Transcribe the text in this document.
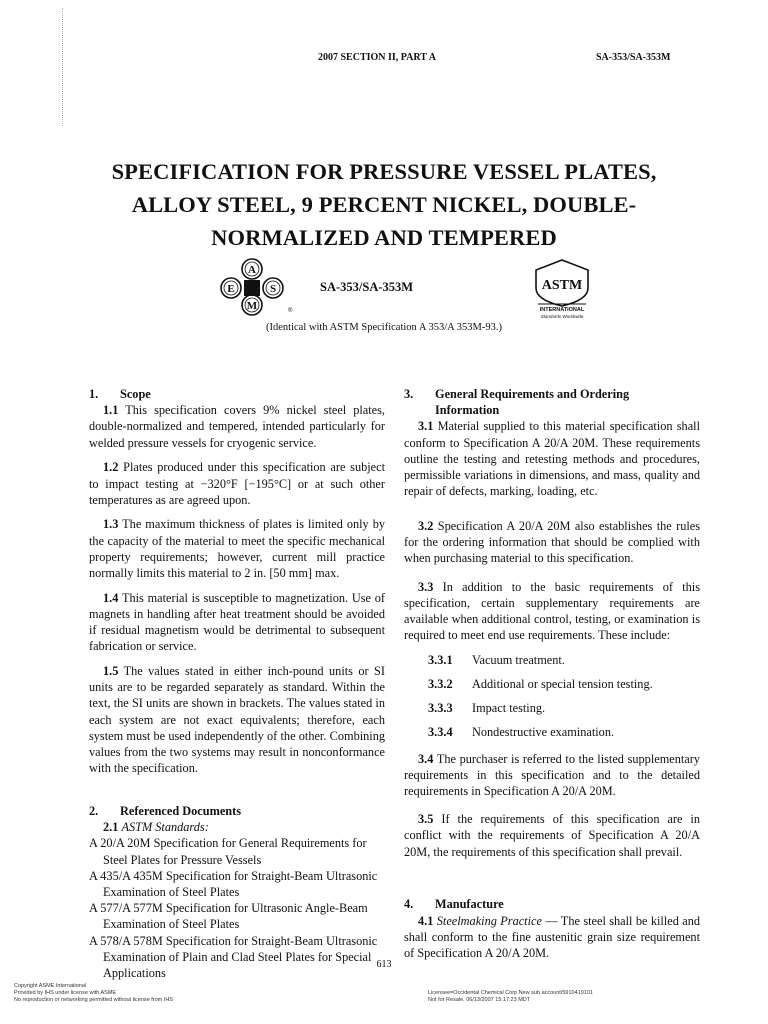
2007 SECTION II, PART A	SA-353/SA-353M
SPECIFICATION FOR PRESSURE VESSEL PLATES,
ALLOY STEEL, 9 PERCENT NICKEL, DOUBLE-
NORMALIZED AND TEMPERED
A
E	S
M	®
SA-353/SA-353M	ASTM
INTERNATIONAL
Standards Worldwide
(Identical with ASTM Specification A 353/A 353M-93.)
1.	Scope

1.1 This specification covers 9% nickel steel plates, double-normalized and tempered, intended particularly for welded pressure vessels for cryogenic service.

1.2 Plates produced under this specification are subject to impact testing at −320°F [−195°C] or at such other temperatures as are agreed upon.

1.3 The maximum thickness of plates is limited only by the capacity of the material to meet the specific mechanical property requirements; however, current mill practice normally limits this material to 2 in. [50 mm] max.

1.4 This material is susceptible to magnetization. Use of magnets in handling after heat treatment should be avoided if residual magnetism would be detrimental to subsequent fabrication or service.

1.5 The values stated in either inch-pound units or SI units are to be regarded separately as standard. Within the text, the SI units are shown in brackets. The values stated in each system are not exact equivalents; therefore, each system must be used independently of the other. Combining values from the two systems may result in nonconformance with the specification.

2.	Referenced Documents

2.1 ASTM Standards:

A 20/A 20M Specification for General Requirements for Steel Plates for Pressure Vessels

A 435/A 435M Specification for Straight-Beam Ultrasonic Examination of Steel Plates

A 577/A 577M Specification for Ultrasonic Angle-Beam Examination of Steel Plates

A 578/A 578M Specification for Straight-Beam Ultrasonic Examination of Plain and Clad Steel Plates for Special Applications

3.	General Requirements and Ordering
Information

3.1 Material supplied to this material specification shall conform to Specification A 20/A 20M. These requirements outline the testing and retesting methods and procedures, permissible variations in dimensions, and mass, quality and repair of defects, marking, loading, etc.

3.2 Specification A 20/A 20M also establishes the rules for the ordering information that should be complied with when purchasing material to this specification.

3.3 In addition to the basic requirements of this specification, certain supplementary requirements are available when additional control, testing, or examination is required to meet end use requirements. These include:

3.3.1 Vacuum treatment.

3.3.2 Additional or special tension testing.

3.3.3 Impact testing.

3.3.4 Nondestructive examination.

3.4 The purchaser is referred to the listed supplementary requirements in this specification and to the detailed requirements in Specification A 20/A 20M.

3.5 If the requirements of this specification are in conflict with the requirements of Specification A 20/A 20M, the requirements of this specification shall prevail.

4.	Manufacture

4.1 Steelmaking Practice — The steel shall be killed and shall conform to the fine austenitic grain size requirement of Specification A 20/A 20M.

613
Copyright ASME International
Provided by IHS under license with ASME
No reproduction or networking permitted without license from IHS
Licensee=Occidental Chemical Corp New sub account/5910419101
Not for Resale, 06/13/2007 15:17:23 MDT
